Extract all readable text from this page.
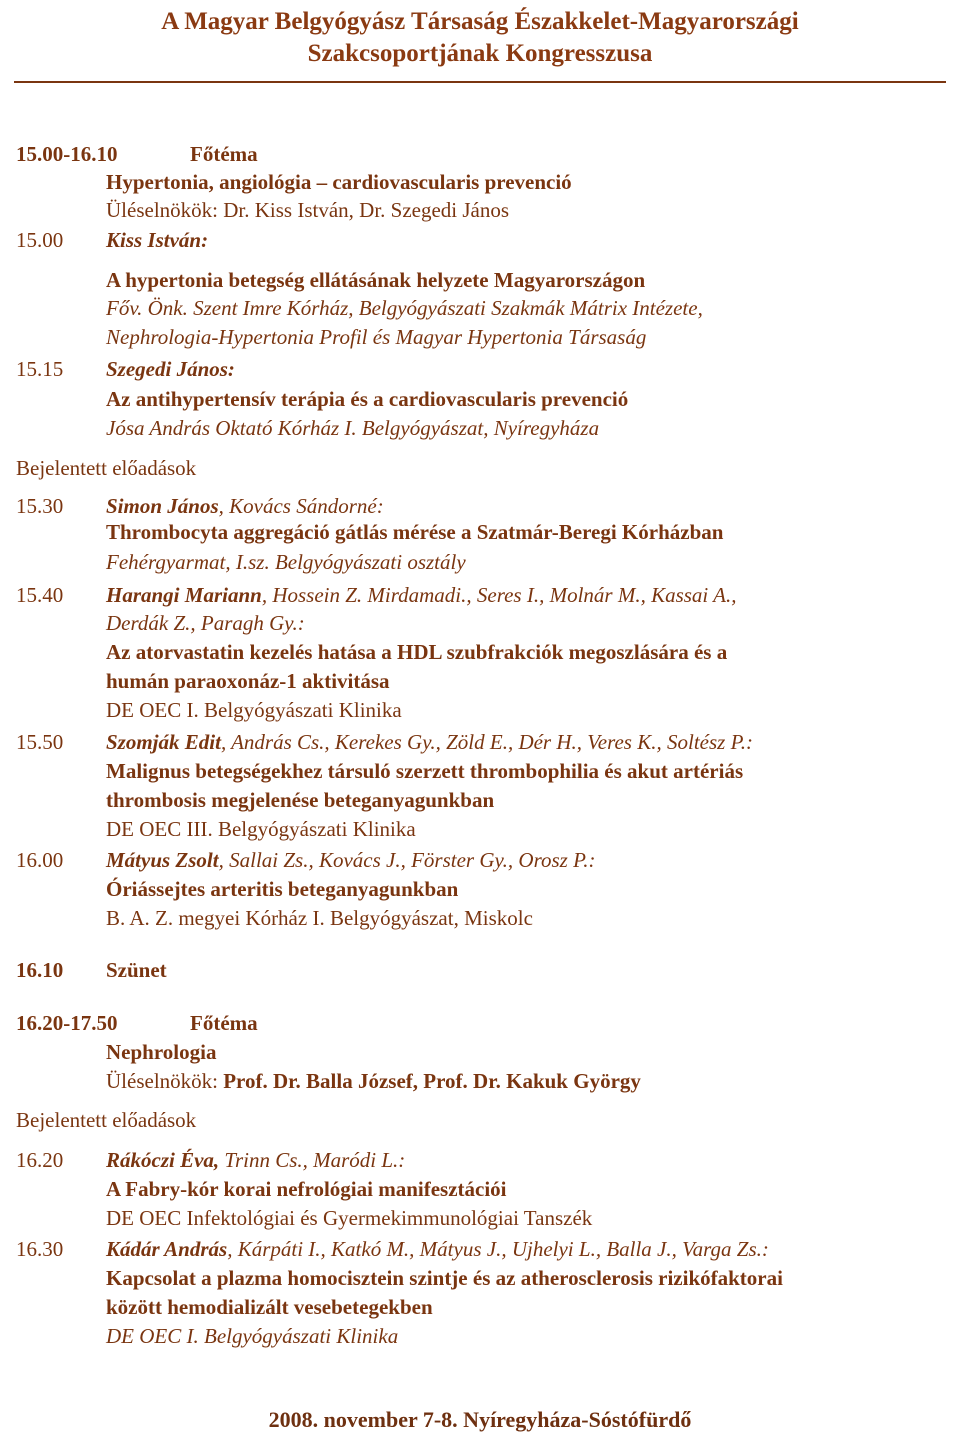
A Magyar Belgyógyász Társaság Északkelet-Magyarországi
Szakcsoportjának Kongresszusa
15.00-16.10	Főtéma
Hypertonia, angiológia – cardiovascularis prevenció
Üléselnökök: Dr. Kiss István, Dr. Szegedi János
15.00 Kiss István:
A hypertonia betegség ellátásának helyzete Magyarországon
Főv. Önk. Szent Imre Kórház, Belgyógyászati Szakmák Mátrix Intézete,
Nephrologia-Hypertonia Profil és Magyar Hypertonia Társaság
15.15 Szegedi János:
Az antihypertensív terápia és a cardiovascularis prevenció
Jósa András Oktató Kórház I. Belgyógyászat, Nyíregyháza
Bejelentett előadások
15.30 Simon János, Kovács Sándorné:
Thrombocyta aggregáció gátlás mérése a Szatmár-Beregi Kórházban
Fehérgyarmat, I.sz. Belgyógyászati osztály
15.40 Harangi Mariann, Hossein Z. Mirdamadi., Seres I., Molnár M., Kassai A.,
Derdák Z., Paragh Gy.:
Az atorvastatin kezelés hatása a HDL szubfrakciók megoszlására és a
humán paraoxonáz-1 aktivitása
DE OEC I. Belgyógyászati Klinika
15.50 Szomják Edit, András Cs., Kerekes Gy., Zöld E., Dér H., Veres K., Soltész P.:
Malignus betegségekhez társuló szerzett thrombophilia és akut artériás
thrombosis megjelenése beteganyagunkban
DE OEC III. Belgyógyászati Klinika
16.00 Mátyus Zsolt, Sallai Zs., Kovács J., Förster Gy., Orosz P.:
Óriássejtes arteritis beteganyagunkban
B. A. Z. megyei Kórház I. Belgyógyászat, Miskolc
16.10 Szünet
16.20-17.50	Főtéma
Nephrologia
Üléselnökök: Prof. Dr. Balla József, Prof. Dr. Kakuk György
Bejelentett előadások
16.20 Rákóczi Éva, Trinn Cs., Maródi L.:
A Fabry-kór korai nefrológiai manifesztációi
DE OEC Infektológiai és Gyermekimmunológiai Tanszék
16.30 Kádár András, Kárpáti I., Katkó M., Mátyus J., Ujhelyi L., Balla J., Varga Zs.:
Kapcsolat a plazma homocisztein szintje és az atherosclerosis rizikófaktorai
között hemodializált vesebetegekben
DE OEC I. Belgyógyászati Klinika
2008. november 7-8. Nyíregyháza-Sóstófürdő
